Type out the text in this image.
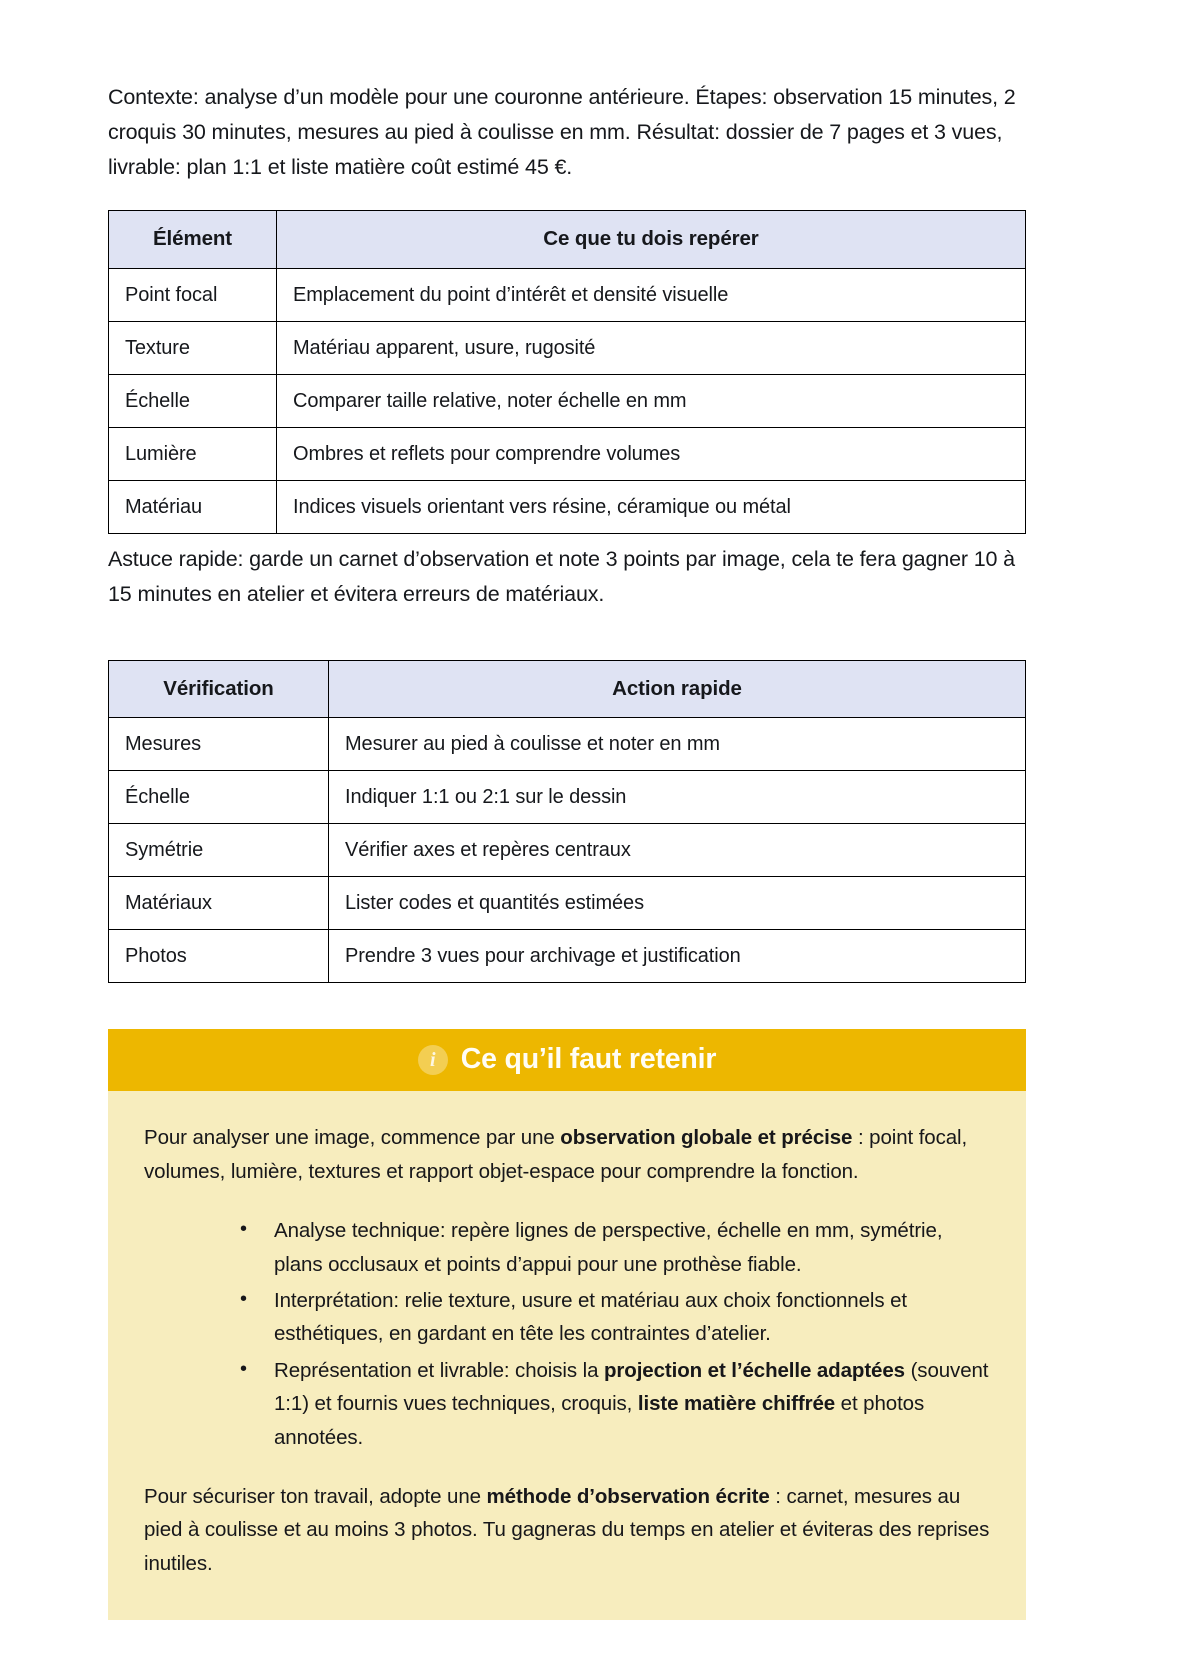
Contexte: analyse d’un modèle pour une couronne antérieure. Étapes: observation 15 minutes, 2 croquis 30 minutes, mesures au pied à coulisse en mm. Résultat: dossier de 7 pages et 3 vues, livrable: plan 1:1 et liste matière coût estimé 45 €.

Élément	Ce que tu dois repérer
Point focal	Emplacement du point d’intérêt et densité visuelle
Texture	Matériau apparent, usure, rugosité
Échelle	Comparer taille relative, noter échelle en mm
Lumière	Ombres et reflets pour comprendre volumes
Matériau	Indices visuels orientant vers résine, céramique ou métal

Astuce rapide: garde un carnet d’observation et note 3 points par image, cela te fera gagner 10 à 15 minutes en atelier et évitera erreurs de matériaux.

Vérification	Action rapide
Mesures	Mesurer au pied à coulisse et noter en mm
Échelle	Indiquer 1:1 ou 2:1 sur le dessin
Symétrie	Vérifier axes et repères centraux
Matériaux	Lister codes et quantités estimées
Photos	Prendre 3 vues pour archivage et justification
i Ce qu’il faut retenir

Pour analyser une image, commence par une observation globale et précise : point focal, volumes, lumière, textures et rapport objet-espace pour comprendre la fonction.

• Analyse technique: repère lignes de perspective, échelle en mm, symétrie, plans occlusaux et points d’appui pour une prothèse fiable.
• Interprétation: relie texture, usure et matériau aux choix fonctionnels et esthétiques, en gardant en tête les contraintes d’atelier.
• Représentation et livrable: choisis la projection et l’échelle adaptées (souvent 1:1) et fournis vues techniques, croquis, liste matière chiffrée et photos annotées.

Pour sécuriser ton travail, adopte une méthode d’observation écrite : carnet, mesures au pied à coulisse et au moins 3 photos. Tu gagneras du temps en atelier et éviteras des reprises inutiles.
